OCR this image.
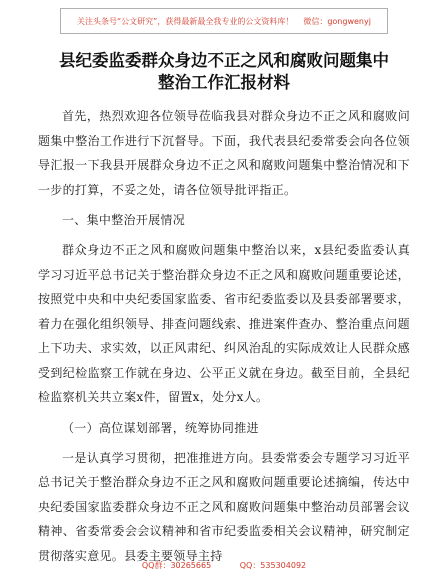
关注头条号“公文研究”，获得最新最全我专业的公文资料库！ 微信：gongwenyj
县纪委监委群众身边不正之风和腐败问题集中
整治工作汇报材料

首先，热烈欢迎各位领导莅临我县对群众身边不正之风和腐败问题集中整治工作进行下沉督导。下面，我代表县纪委常委会向各位领导汇报一下我县开展群众身边不正之风和腐败问题集中整治情况和下一步的打算，不妥之处，请各位领导批评指正。

一、集中整治开展情况

群众身边不正之风和腐败问题集中整治以来，x县纪委监委认真学习习近平总书记关于整治群众身边不正之风和腐败问题重要论述，按照党中央和中央纪委国家监委、省市纪委监委以及县委部署要求，着力在强化组织领导、排查问题线索、推进案件查办、整治重点问题上下功夫、求实效，以正风肃纪、纠风治乱的实际成效让人民群众感受到纪检监察工作就在身边、公平正义就在身边。截至目前，全县纪检监察机关共立案x件，留置x，处分x人。

（一）高位谋划部署，统筹协同推进

一是认真学习贯彻，把准推进方向。县委常委会专题学习习近平总书记关于整治群众身边不正之风和腐败问题重要论述摘编，传达中央纪委国家监委群众身边不正之风和腐败问题集中整治动员部署会议精神、省委常委会会议精神和省市纪委监委相关会议精神，研究制定贯彻落实意见。县委主要领导主持

QQ群：30265665	QQ：535304092
